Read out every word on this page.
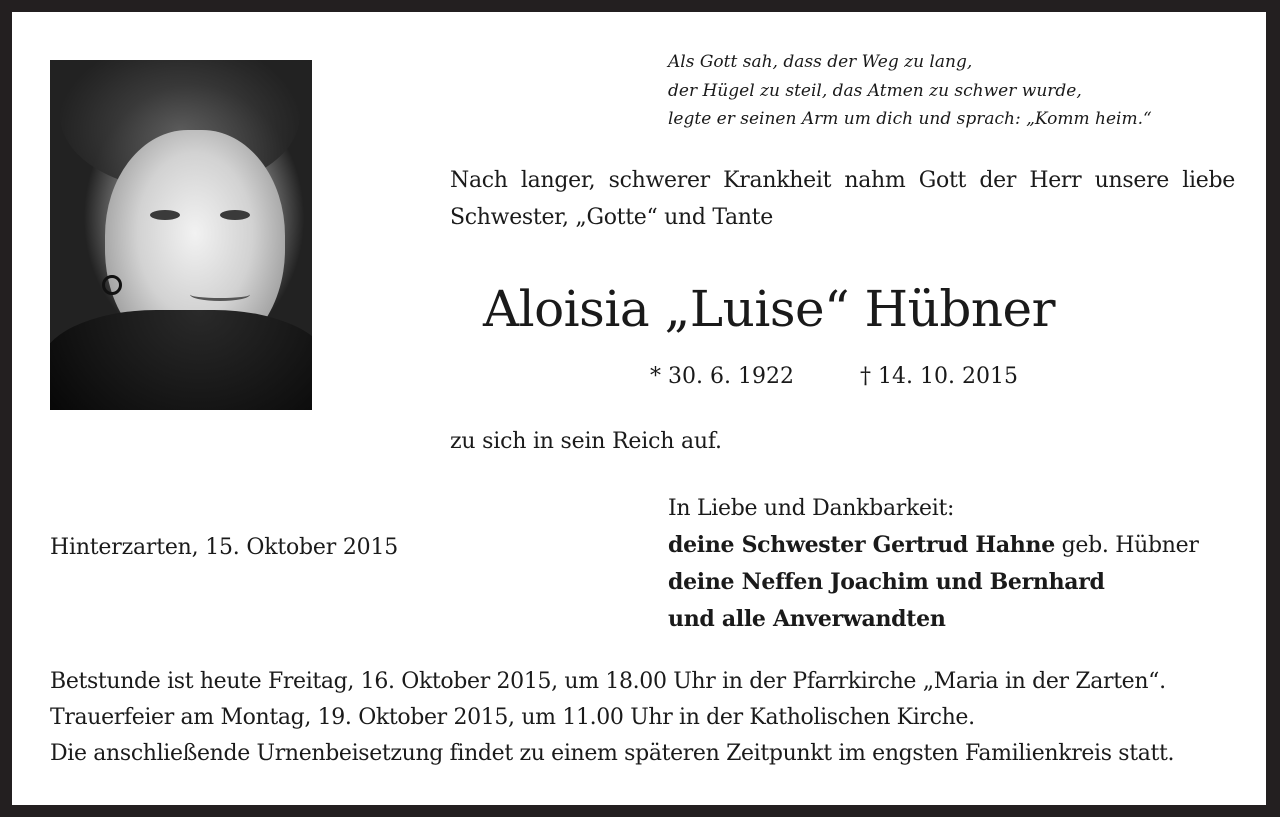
Als Gott sah, dass der Weg zu lang,
der Hügel zu steil, das Atmen zu schwer wurde,
legte er seinen Arm um dich und sprach: „Komm heim.“
Nach langer, schwerer Krankheit nahm Gott der Herr unsere liebe Schwester, „Gotte“ und Tante
Aloisia „Luise“ Hübner
* 30. 6. 1922	† 14. 10. 2015
zu sich in sein Reich auf.
Hinterzarten, 15. Oktober 2015
In Liebe und Dankbarkeit:
deine Schwester Gertrud Hahne geb. Hübner
deine Neffen Joachim und Bernhard
und alle Anverwandten
Betstunde ist heute Freitag, 16. Oktober 2015, um 18.00 Uhr in der Pfarrkirche „Maria in der Zarten“.
Trauerfeier am Montag, 19. Oktober 2015, um 11.00 Uhr in der Katholischen Kirche.
Die anschließende Urnenbeisetzung findet zu einem späteren Zeitpunkt im engsten Familienkreis statt.
